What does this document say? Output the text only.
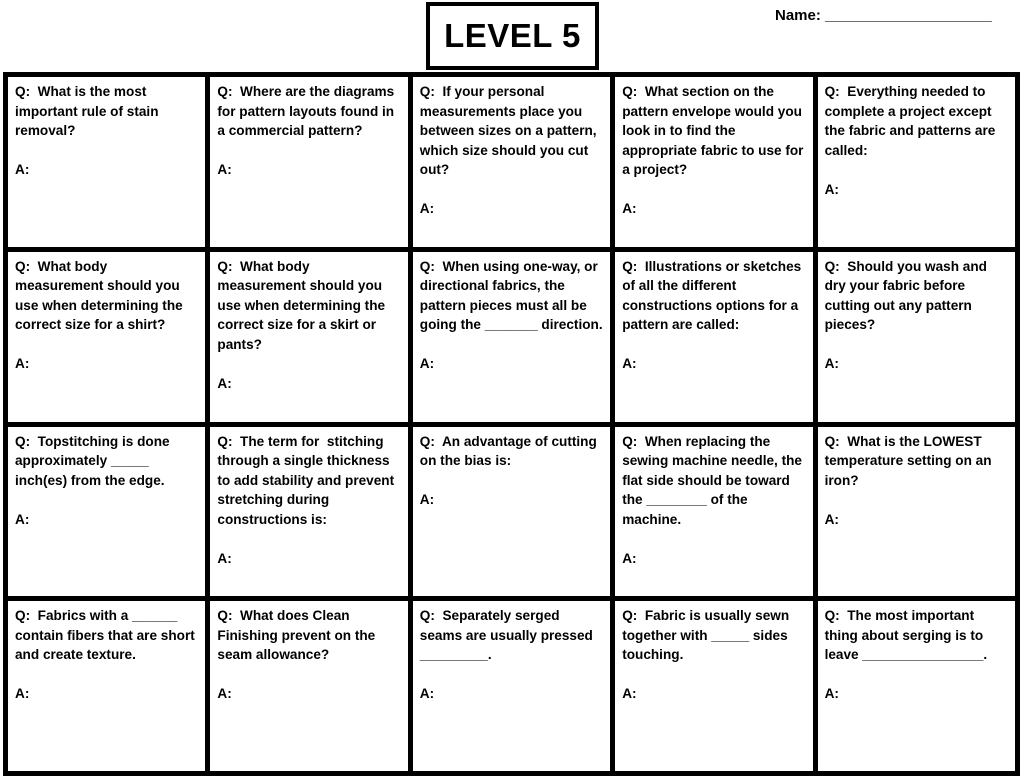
LEVEL 5
Name: ____________________

Q:  What is the most important rule of stain removal?

A:

Q:  Where are the diagrams for pattern layouts found in a commercial pattern?

A:

Q:  If your personal measurements place you between sizes on a pattern, which size should you cut out?

A:

Q:  What section on the pattern envelope would you look in to find the appropriate fabric to use for a project?

A:

Q:  Everything needed to complete a project except the fabric and patterns are called:

A:

Q:  What body measurement should you use when determining the correct size for a shirt?

A:

Q:  What body measurement should you use when determining the correct size for a skirt or pants?

A:

Q:  When using one-way, or directional fabrics, the pattern pieces must all be going the _______ direction.

A:

Q:  Illustrations or sketches of all the different constructions options for a pattern are called:

A:

Q:  Should you wash and dry your fabric before cutting out any pattern pieces?

A:

Q:  Topstitching is done approximately _____ inch(es) from the edge.

A:

Q:  The term for  stitching through a single thickness to add stability and prevent stretching during constructions is:

A:

Q:  An advantage of cutting on the bias is:

A:

Q:  When replacing the sewing machine needle, the flat side should be toward the ________ of the machine.

A:

Q:  What is the LOWEST temperature setting on an iron?

A:

Q:  Fabrics with a ______ contain fibers that are short and create texture.

A:

Q:  What does Clean Finishing prevent on the seam allowance?

A:

Q:  Separately serged seams are usually pressed _________.

A:

Q:  Fabric is usually sewn together with _____ sides touching.

A:

Q:  The most important thing about serging is to leave ________________.

A:
